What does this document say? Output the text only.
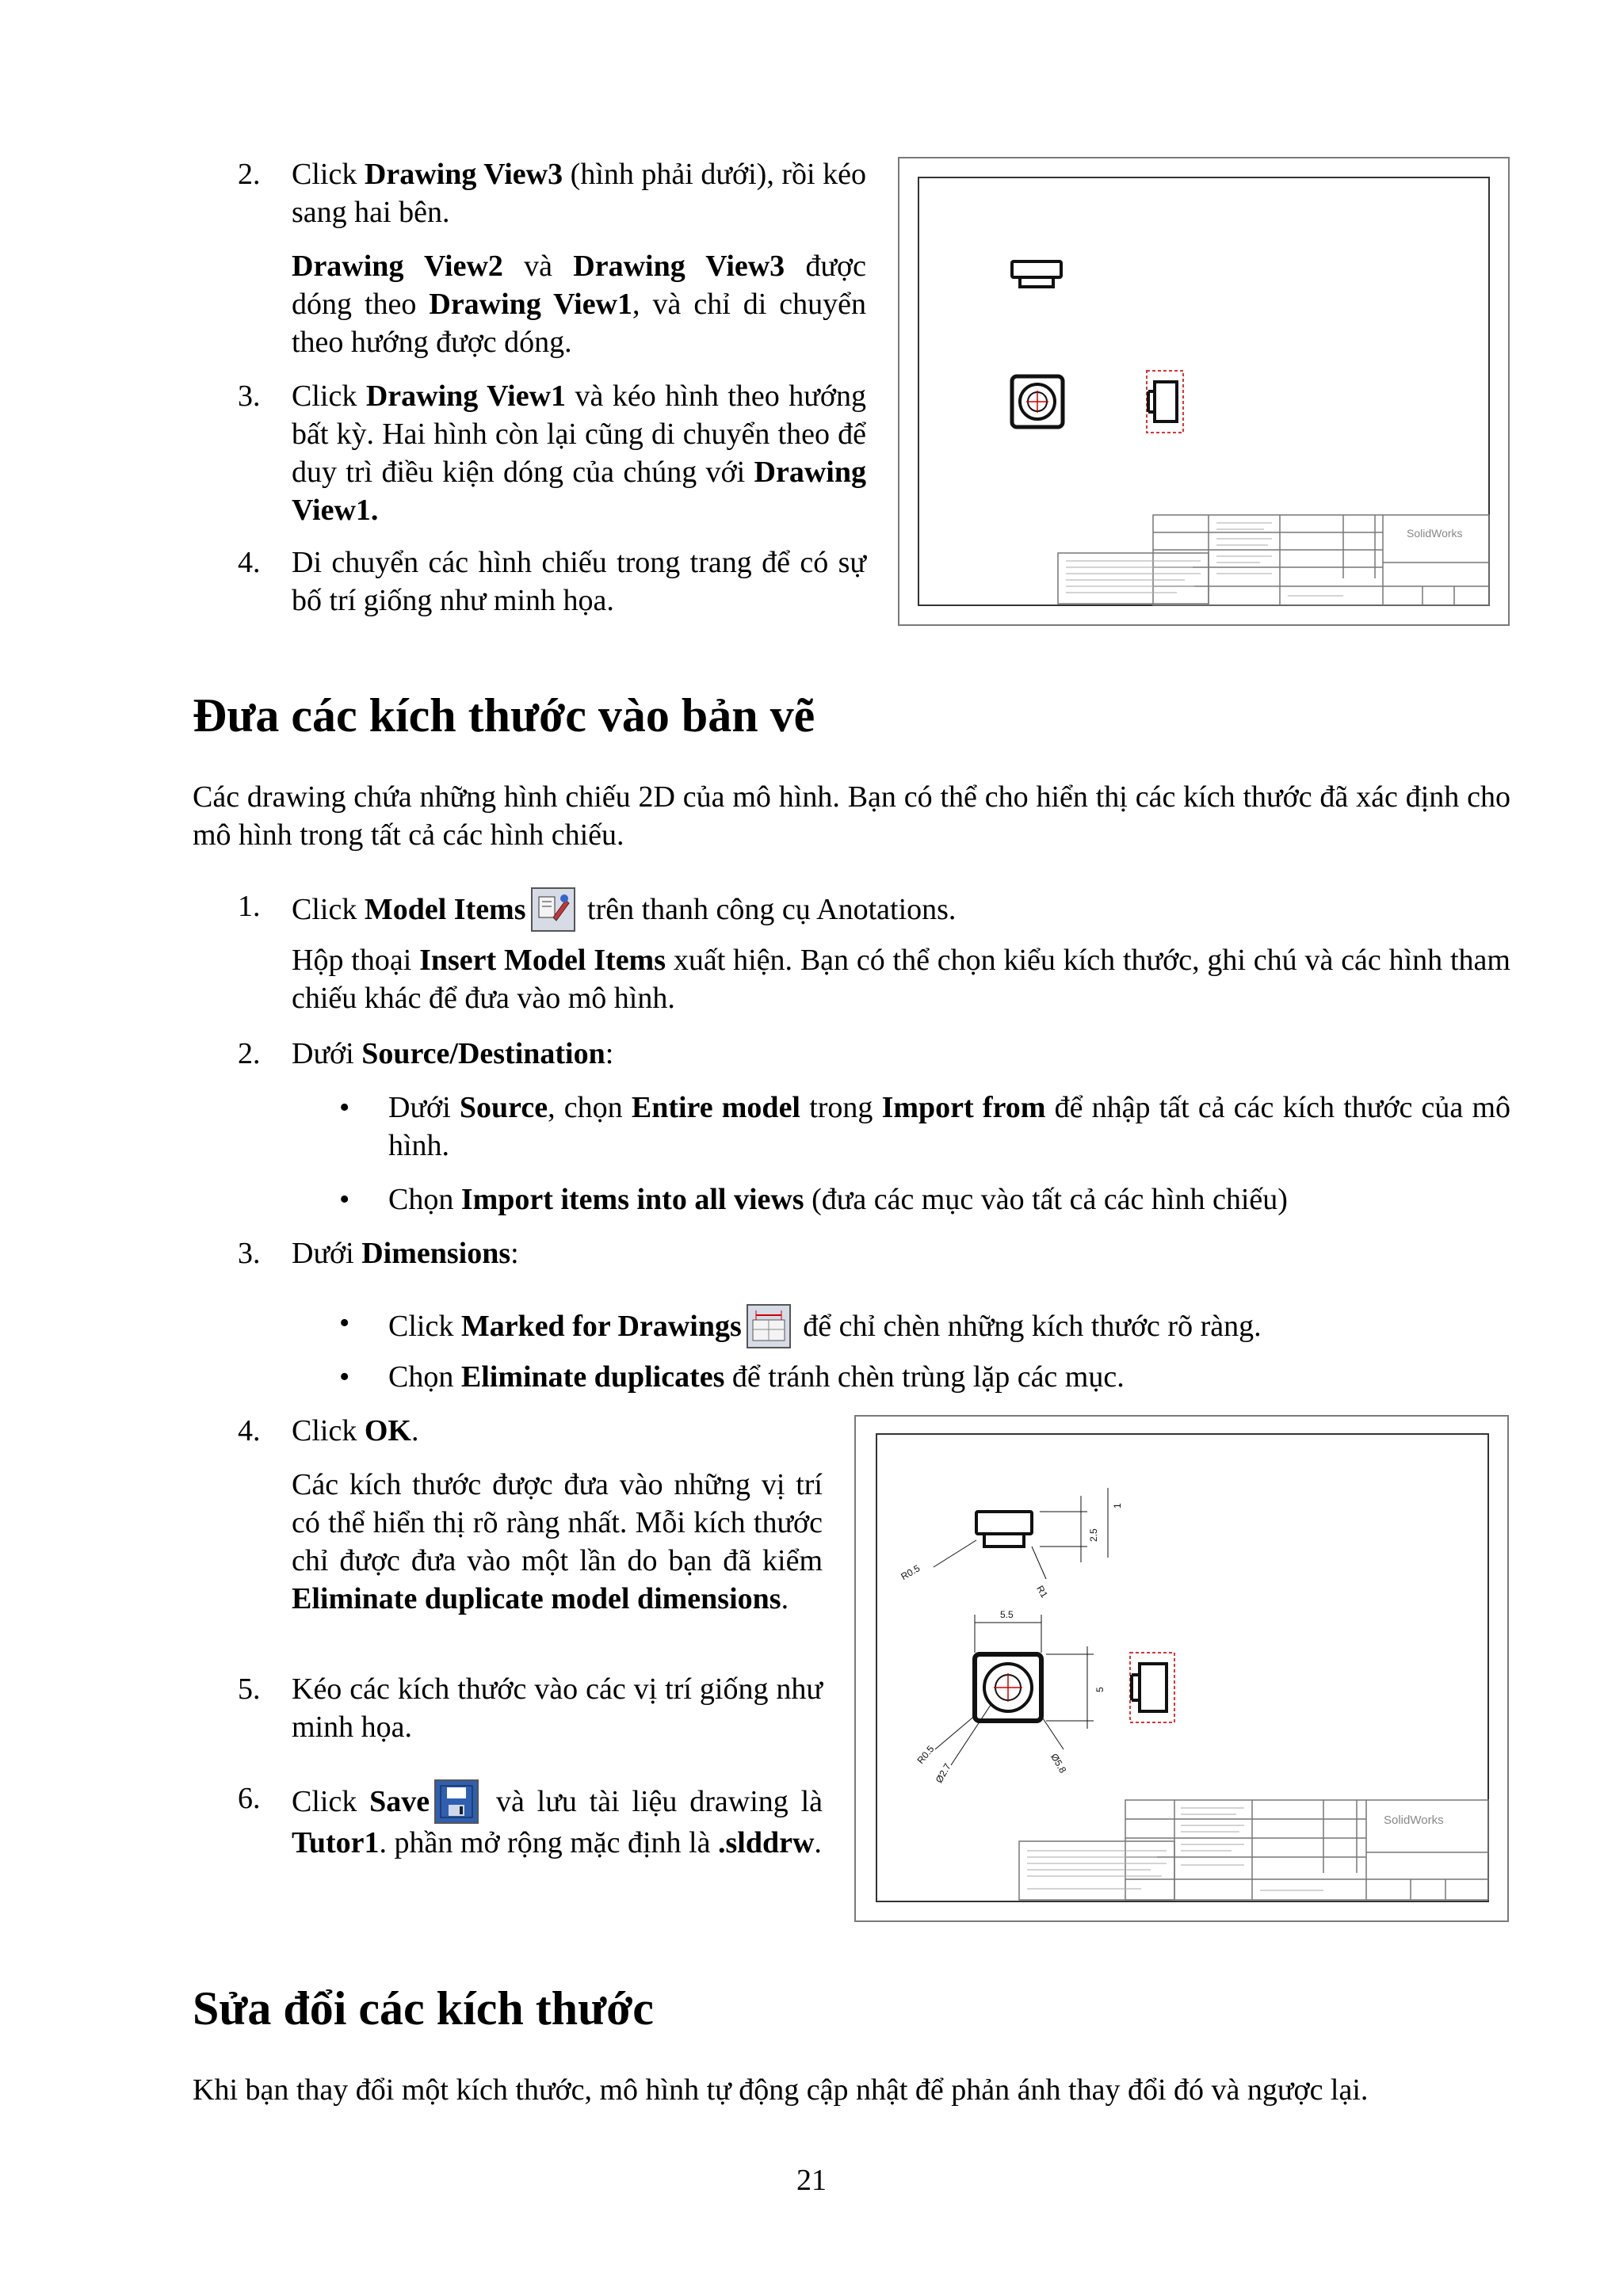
2. Click Drawing View3 (hình phải dưới), rồi kéo sang hai bên.
Drawing View2 và Drawing View3 được dóng theo Drawing View1, và chỉ di chuyển theo hướng được dóng.
3. Click Drawing View1 và kéo hình theo hướng bất kỳ. Hai hình còn lại cũng di chuyển theo để duy trì điều kiện dóng của chúng với Drawing View1.
4. Di chuyển các hình chiếu trong trang để có sự bố trí giống như minh họa.
SolidWorks
Đưa các kích thước vào bản vẽ
Các drawing chứa những hình chiếu 2D của mô hình. Bạn có thể cho hiển thị các kích thước đã xác định cho mô hình trong tất cả các hình chiếu.
1. Click Model Items trên thanh công cụ Anotations.
Hộp thoại Insert Model Items xuất hiện. Bạn có thể chọn kiểu kích thước, ghi chú và các hình tham chiếu khác để đưa vào mô hình.
2. Dưới Source/Destination:
• Dưới Source, chọn Entire model trong Import from để nhập tất cả các kích thước của mô hình.
• Chọn Import items into all views (đưa các mục vào tất cả các hình chiếu)
3. Dưới Dimensions:
• Click Marked for Drawings để chỉ chèn những kích thước rõ ràng.
• Chọn Eliminate duplicates để tránh chèn trùng lặp các mục.
4. Click OK.
Các kích thước được đưa vào những vị trí có thể hiển thị rõ ràng nhất. Mỗi kích thước chỉ được đưa vào một lần do bạn đã kiểm Eliminate duplicate model dimensions.
5. Kéo các kích thước vào các vị trí giống như minh họa.
6. Click Save và lưu tài liệu drawing là Tutor1. phần mở rộng mặc định là .slddrw.
R0.5
R1
2.5
1
5.5
5
R0.5
Ø2.7	Ø5.8
SolidWorks
Sửa đổi các kích thước
Khi bạn thay đổi một kích thước, mô hình tự động cập nhật để phản ánh thay đổi đó và ngược lại.
21
